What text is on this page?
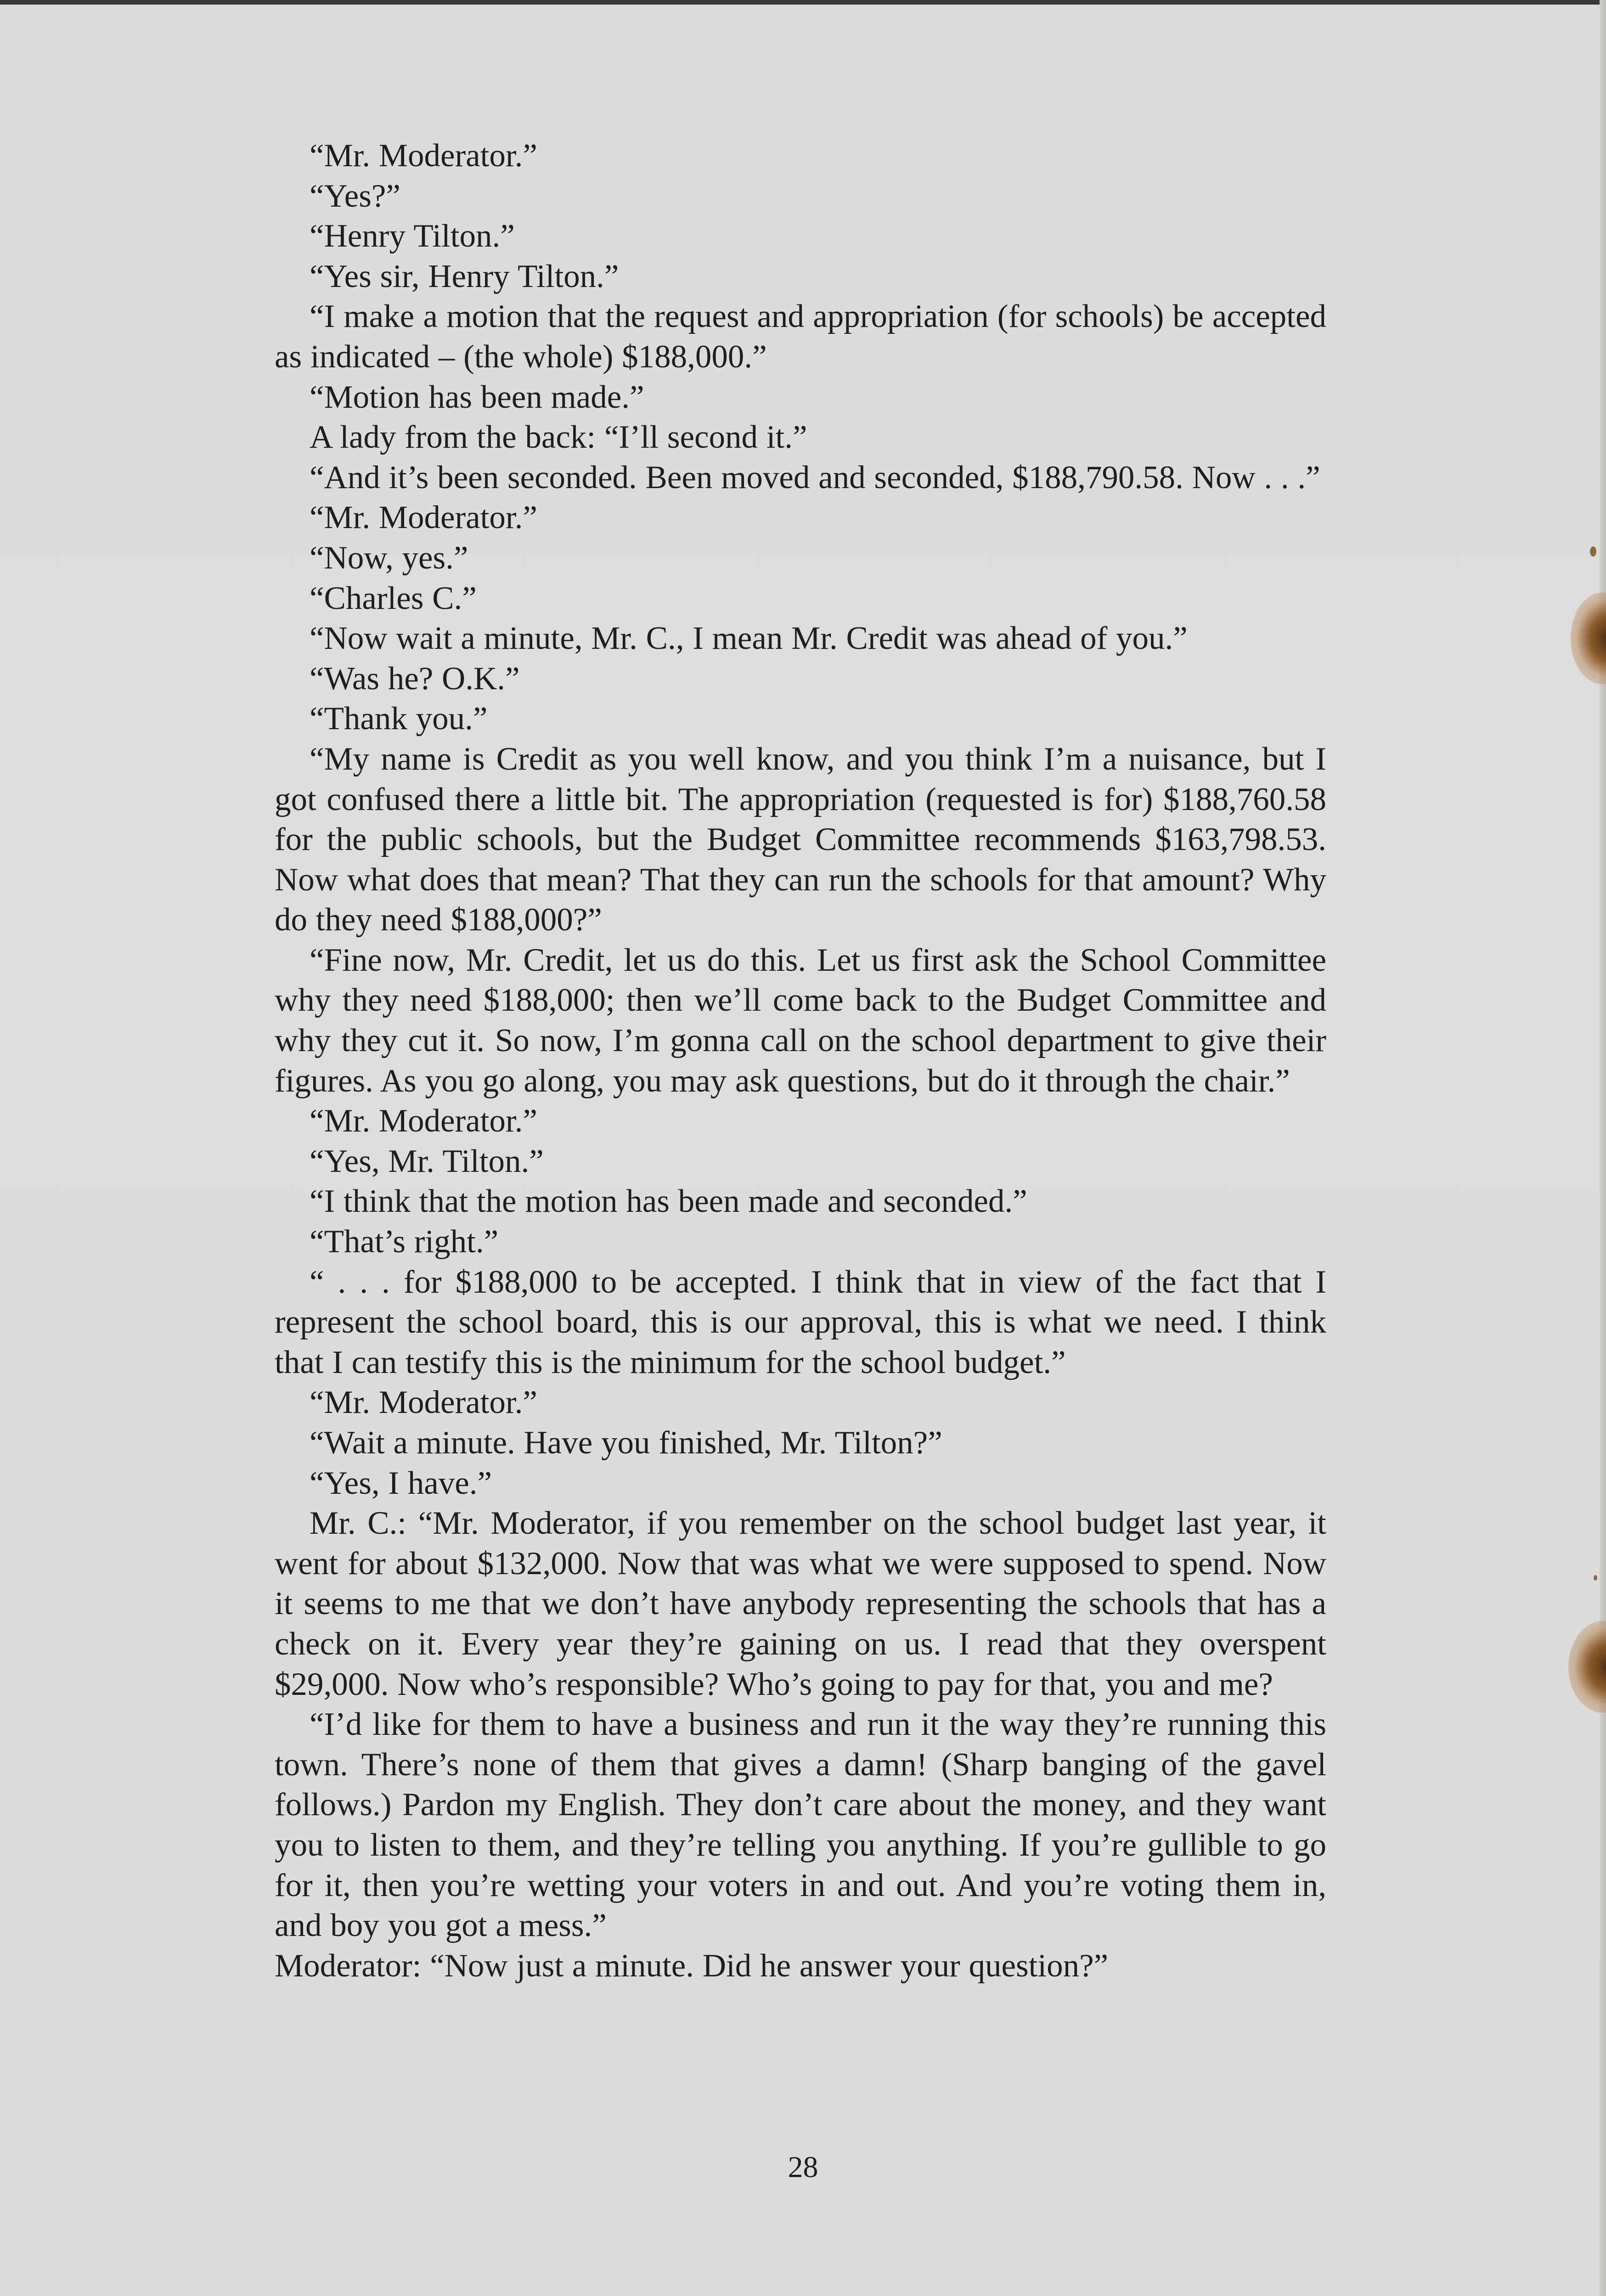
“Mr. Moderator.”

“Yes?”

“Henry Tilton.”

“Yes sir, Henry Tilton.”

“I make a motion that the request and appropriation (for schools) be accepted as indicated – (the whole) $188,000.”

“Motion has been made.”

A lady from the back: “I’ll second it.”

“And it’s been seconded. Been moved and seconded, $188,790.58. Now . . .”

“Mr. Moderator.”

“Now, yes.”

“Charles C.”

“Now wait a minute, Mr. C., I mean Mr. Credit was ahead of you.”

“Was he? O.K.”

“Thank you.”

“My name is Credit as you well know, and you think I’m a nuisance, but I got confused there a little bit. The appropriation (requested is for) $188,760.58 for the public schools, but the Budget Committee recommends $163,798.53. Now what does that mean? That they can run the schools for that amount? Why do they need $188,000?”

“Fine now, Mr. Credit, let us do this. Let us first ask the School Committee why they need $188,000; then we’ll come back to the Budget Committee and why they cut it. So now, I’m gonna call on the school department to give their figures. As you go along, you may ask questions, but do it through the chair.”

“Mr. Moderator.”

“Yes, Mr. Tilton.”

“I think that the motion has been made and seconded.”

“That’s right.”

“ . . . for $188,000 to be accepted. I think that in view of the fact that I represent the school board, this is our approval, this is what we need. I think that I can testify this is the minimum for the school budget.”

“Mr. Moderator.”

“Wait a minute. Have you finished, Mr. Tilton?”

“Yes, I have.”

Mr. C.: “Mr. Moderator, if you remember on the school budget last year, it went for about $132,000. Now that was what we were supposed to spend. Now it seems to me that we don’t have anybody representing the schools that has a check on it. Every year they’re gaining on us. I read that they overspent $29,000. Now who’s responsible? Who’s going to pay for that, you and me?

“I’d like for them to have a business and run it the way they’re running this town. There’s none of them that gives a damn! (Sharp banging of the gavel follows.) Pardon my English. They don’t care about the money, and they want you to listen to them, and they’re telling you anything. If you’re gullible to go for it, then you’re wetting your voters in and out. And you’re voting them in, and boy you got a mess.”

Moderator: “Now just a minute. Did he answer your question?”

28
